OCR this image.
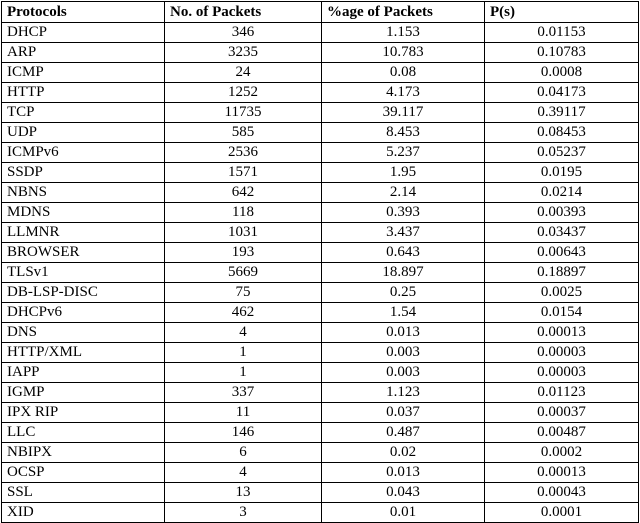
Protocols	No. of Packets	%age of Packets	P(s)
DHCP	346	1.153	0.01153
ARP	3235	10.783	0.10783
ICMP	24	0.08	0.0008
HTTP	1252	4.173	0.04173
TCP	11735	39.117	0.39117
UDP	585	8.453	0.08453
ICMPv6	2536	5.237	0.05237
SSDP	1571	1.95	0.0195
NBNS	642	2.14	0.0214
MDNS	118	0.393	0.00393
LLMNR	1031	3.437	0.03437
BROWSER	193	0.643	0.00643
TLSv1	5669	18.897	0.18897
DB-LSP-DISC	75	0.25	0.0025
DHCPv6	462	1.54	0.0154
DNS	4	0.013	0.00013
HTTP/XML	1	0.003	0.00003
IAPP	1	0.003	0.00003
IGMP	337	1.123	0.01123
IPX RIP	11	0.037	0.00037
LLC	146	0.487	0.00487
NBIPX	6	0.02	0.0002
OCSP	4	0.013	0.00013
SSL	13	0.043	0.00043
XID	3	0.01	0.0001
